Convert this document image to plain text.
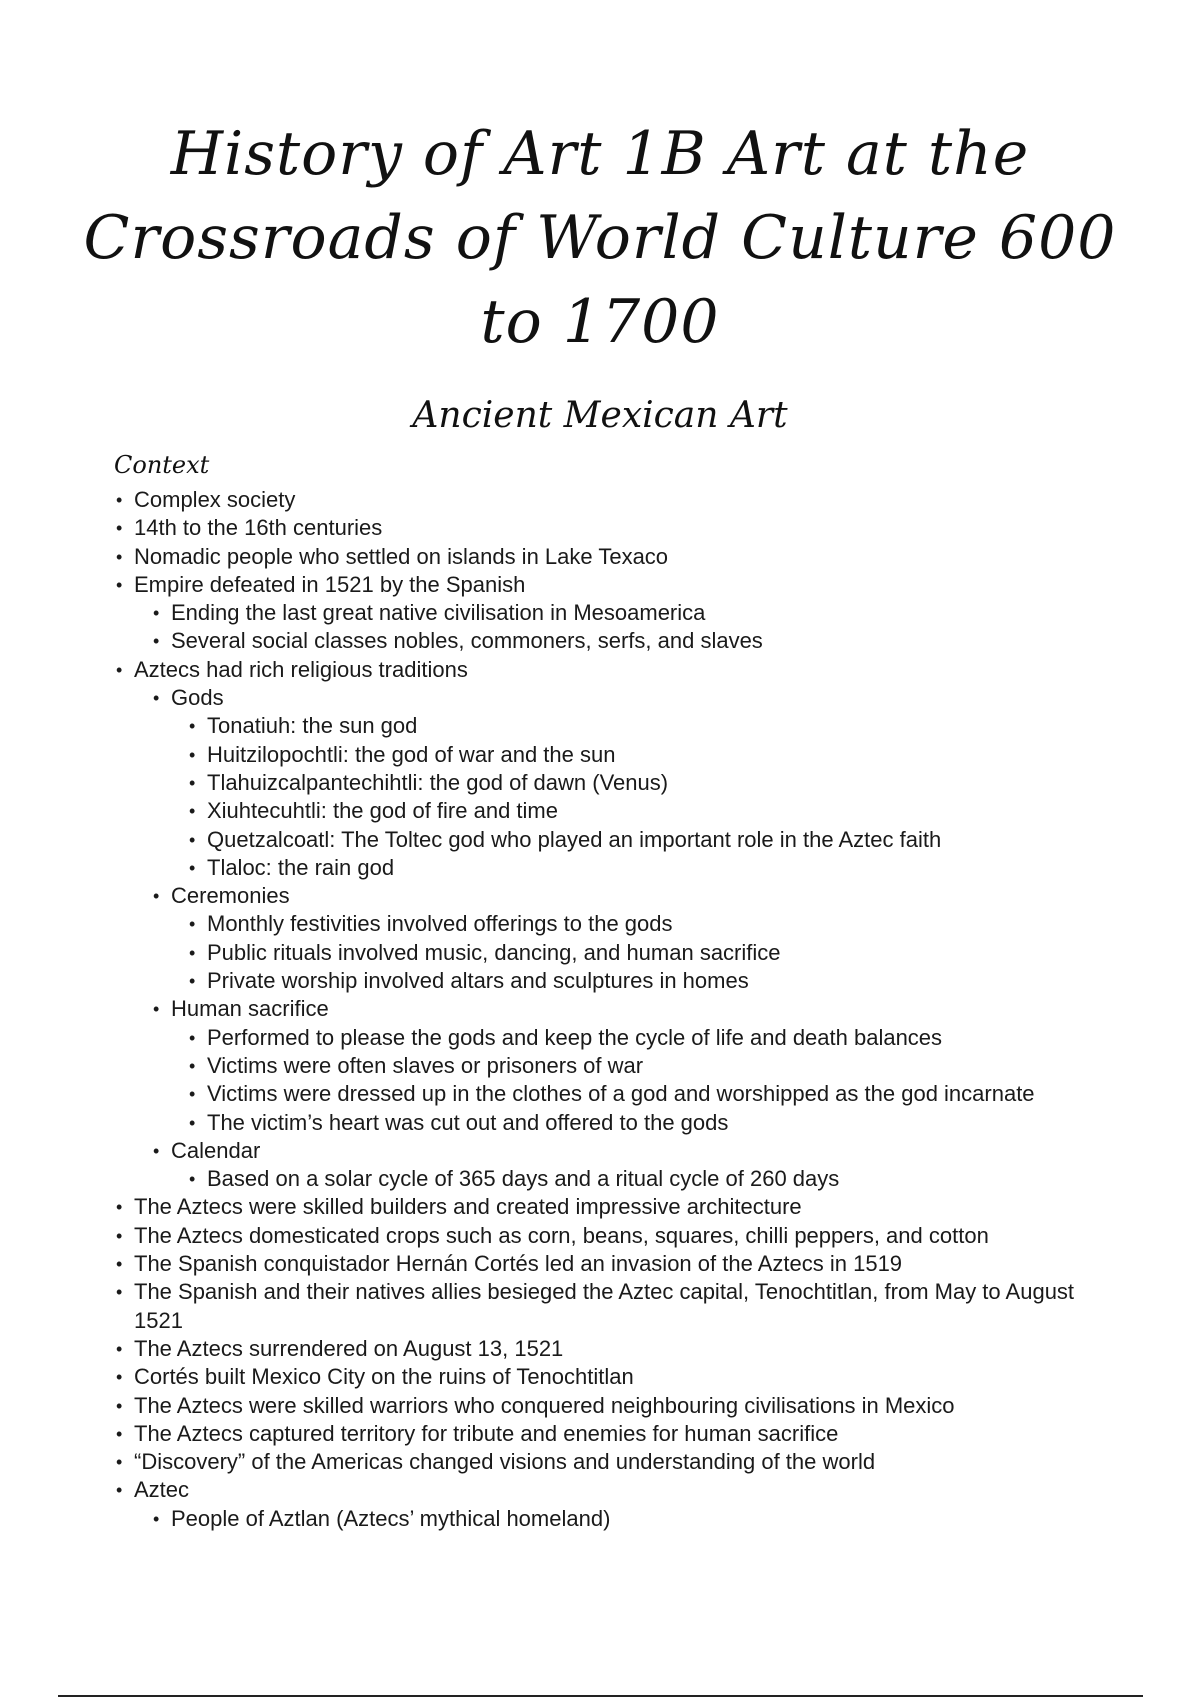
History of Art 1B Art at the
Crossroads of World Culture 600
to 1700
Ancient Mexican Art
Context
• Complex society
• 14th to the 16th centuries
• Nomadic people who settled on islands in Lake Texaco
• Empire defeated in 1521 by the Spanish
• Ending the last great native civilisation in Mesoamerica
• Several social classes nobles, commoners, serfs, and slaves
• Aztecs had rich religious traditions
• Gods
• Tonatiuh: the sun god
• Huitzilopochtli: the god of war and the sun
• Tlahuizcalpantechihtli: the god of dawn (Venus)
• Xiuhtecuhtli: the god of fire and time
• Quetzalcoatl: The Toltec god who played an important role in the Aztec faith
• Tlaloc: the rain god
• Ceremonies
• Monthly festivities involved offerings to the gods
• Public rituals involved music, dancing, and human sacrifice
• Private worship involved altars and sculptures in homes
• Human sacrifice
• Performed to please the gods and keep the cycle of life and death balances
• Victims were often slaves or prisoners of war
• Victims were dressed up in the clothes of a god and worshipped as the god incarnate
• The victim’s heart was cut out and offered to the gods
• Calendar
• Based on a solar cycle of 365 days and a ritual cycle of 260 days
• The Aztecs were skilled builders and created impressive architecture
• The Aztecs domesticated crops such as corn, beans, squares, chilli peppers, and cotton
• The Spanish conquistador Hernán Cortés led an invasion of the Aztecs in 1519
• The Spanish and their natives allies besieged the Aztec capital, Tenochtitlan, from May to August 1521
• The Aztecs surrendered on August 13, 1521
• Cortés built Mexico City on the ruins of Tenochtitlan
• The Aztecs were skilled warriors who conquered neighbouring civilisations in Mexico
• The Aztecs captured territory for tribute and enemies for human sacrifice
• “Discovery” of the Americas changed visions and understanding of the world
• Aztec
• People of Aztlan (Aztecs’ mythical homeland)
